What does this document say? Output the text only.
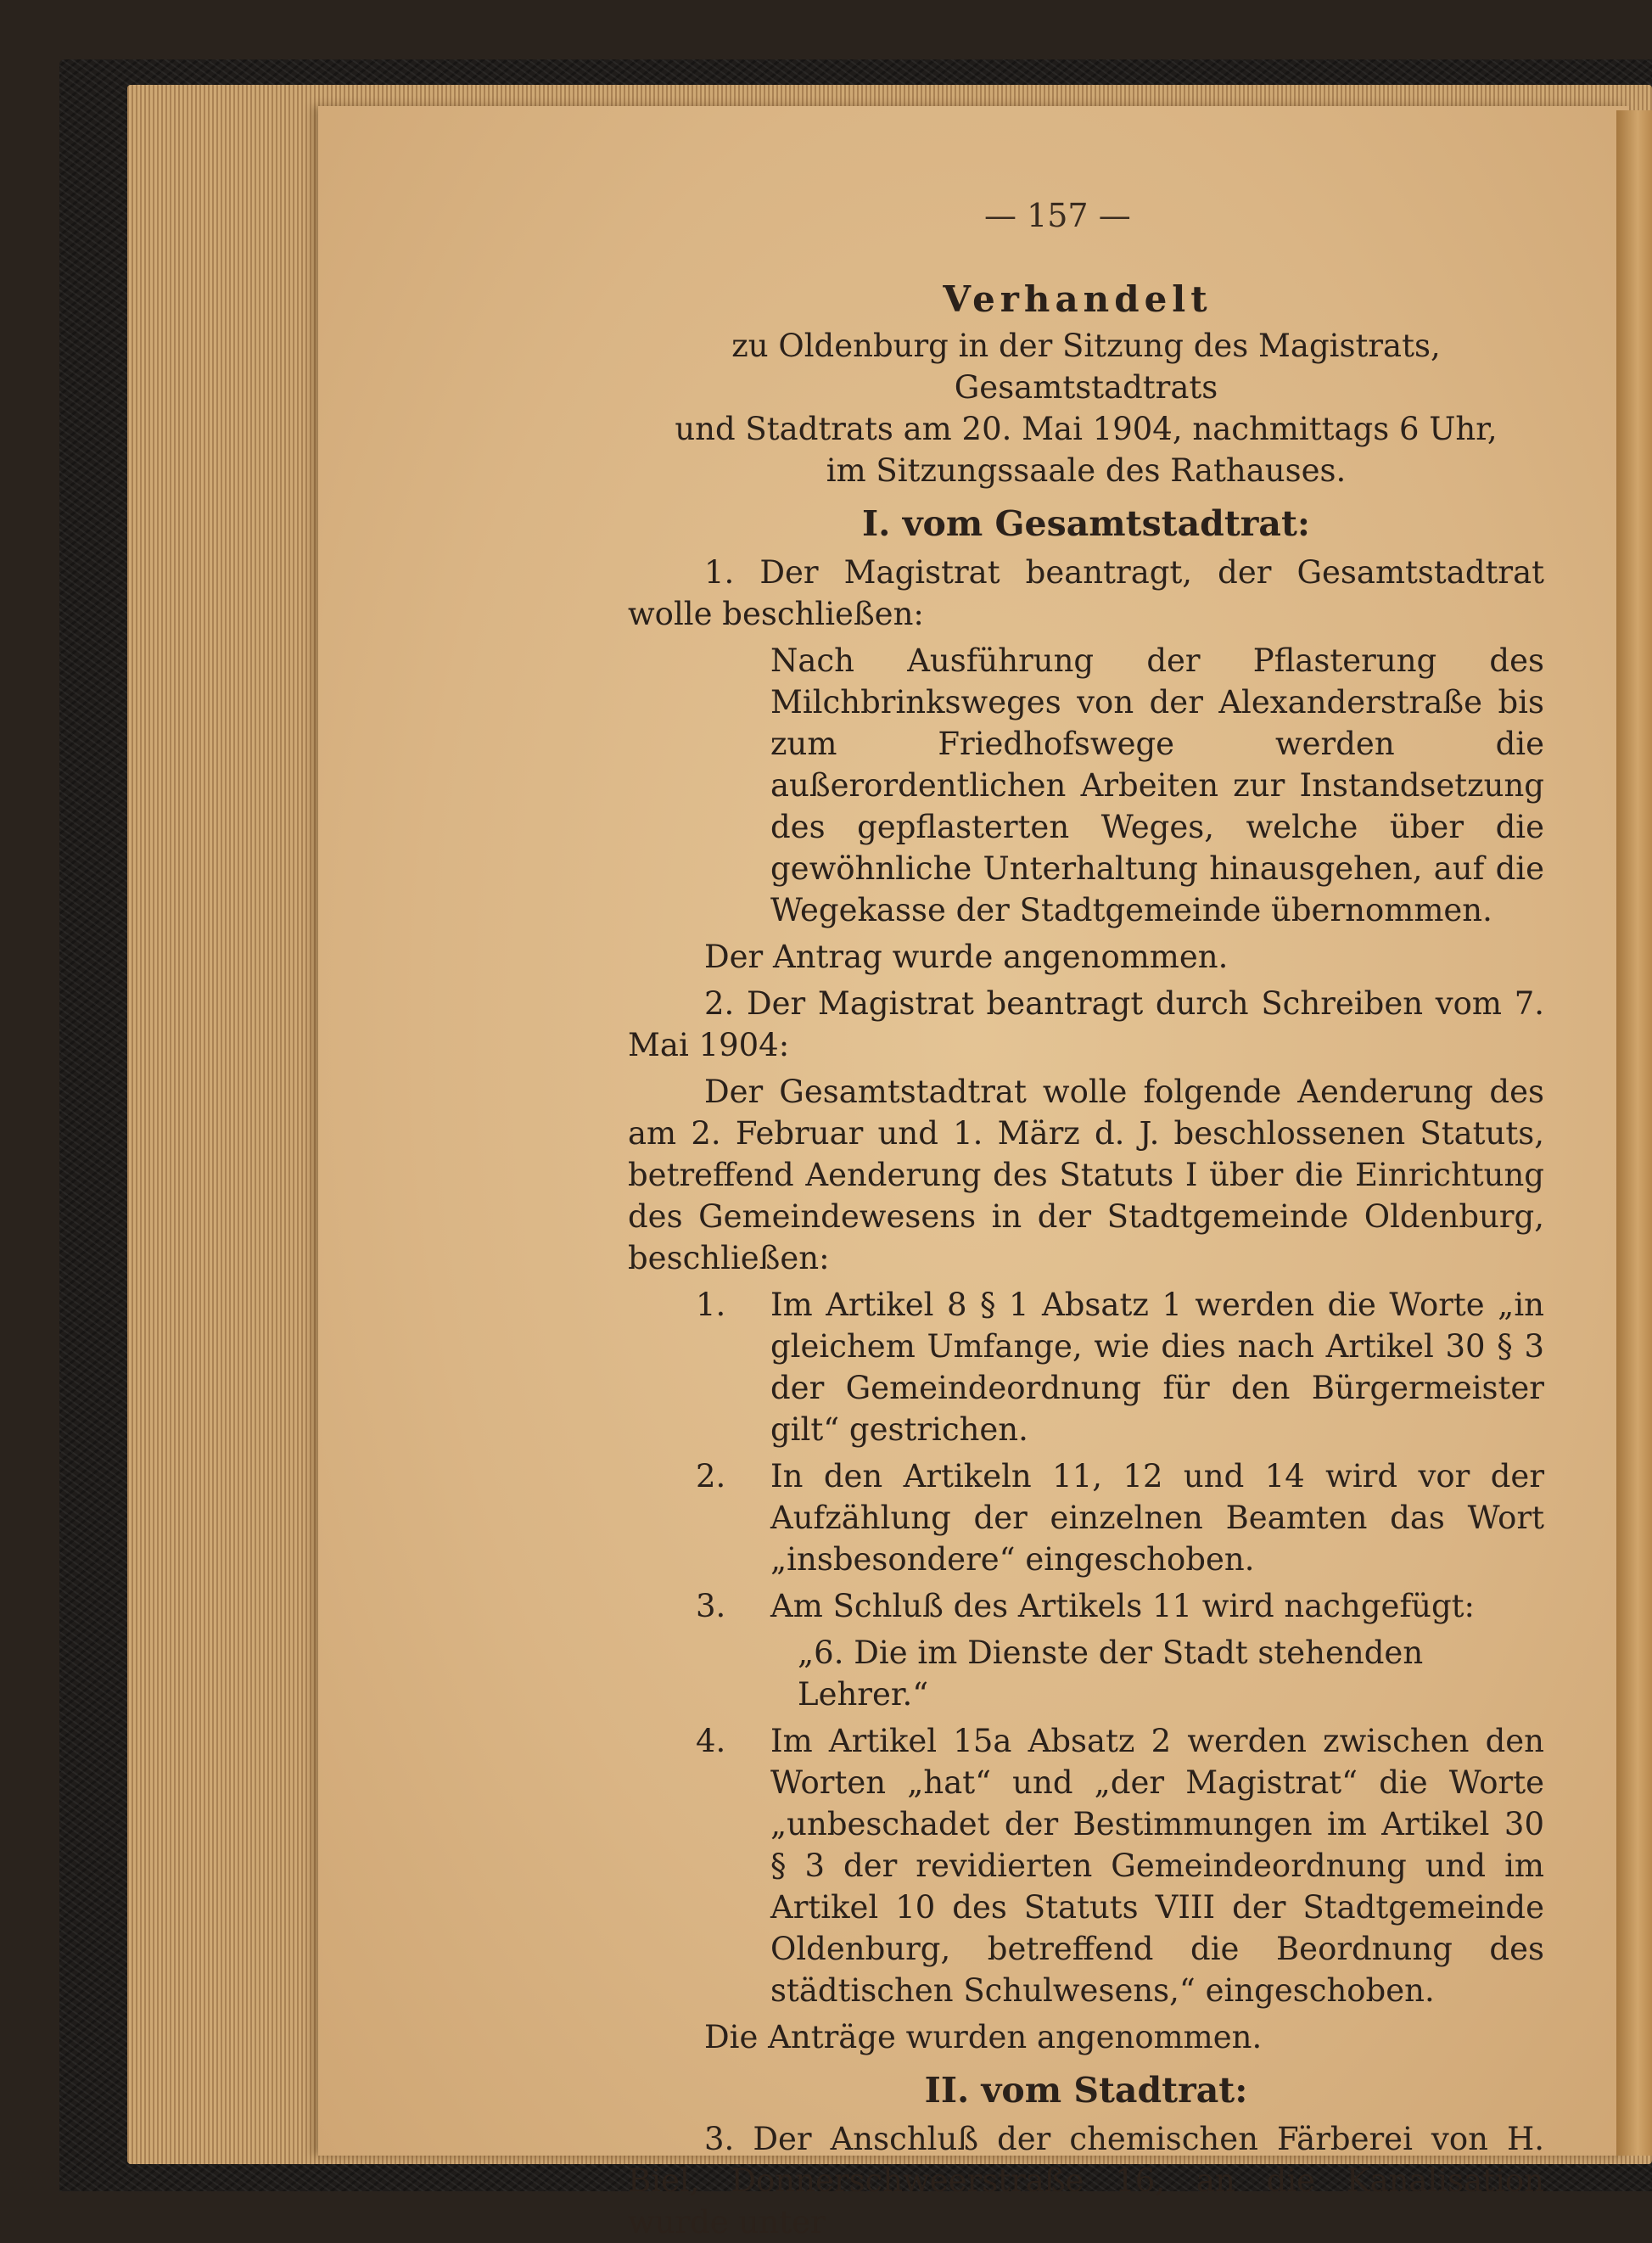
— 157 —
Verhandelt
zu Oldenburg in der Sitzung des Magistrats, Gesamtstadtrats
und Stadtrats am 20. Mai 1904, nachmittags 6 Uhr,
im Sitzungssaale des Rathauses.
I. vom Gesamtstadtrat:
1. Der Magistrat beantragt, der Gesamtstadtrat wolle beschließen:
Nach Ausführung der Pflasterung des Milchbrinksweges von der Alexanderstraße bis zum Friedhofswege werden die außerordentlichen Arbeiten zur Instandsetzung des gepflasterten Weges, welche über die gewöhnliche Unterhaltung hinausgehen, auf die Wegekasse der Stadtgemeinde übernommen.
Der Antrag wurde angenommen.
2. Der Magistrat beantragt durch Schreiben vom 7. Mai 1904:
Der Gesamtstadtrat wolle folgende Aenderung des am 2. Februar und 1. März d. J. beschlossenen Statuts, betreffend Aenderung des Statuts I über die Einrichtung des Gemeindewesens in der Stadtgemeinde Oldenburg, beschließen:
1. Im Artikel 8 § 1 Absatz 1 werden die Worte „in gleichem Umfange, wie dies nach Artikel 30 § 3 der Gemeindeordnung für den Bürgermeister gilt“ gestrichen.
2. In den Artikeln 11, 12 und 14 wird vor der Aufzählung der einzelnen Beamten das Wort „insbesondere“ eingeschoben.
3. Am Schluß des Artikels 11 wird nachgefügt:
„6. Die im Dienste der Stadt stehenden Lehrer.“
4. Im Artikel 15a Absatz 2 werden zwischen den Worten „hat“ und „der Magistrat“ die Worte „unbeschadet der Bestimmungen im Artikel 30 § 3 der revidierten Gemeindeordnung und im Artikel 10 des Statuts VIII der Stadtgemeinde Oldenburg, betreffend die Beordnung des städtischen Schulwesens,“ eingeschoben.
Die Anträge wurden angenommen.
II. vom Stadtrat:
3. Der Anschluß der chemischen Färberei von H. Biel, Donnerschweerstraße 16, an die Kanalisation wurde unter
